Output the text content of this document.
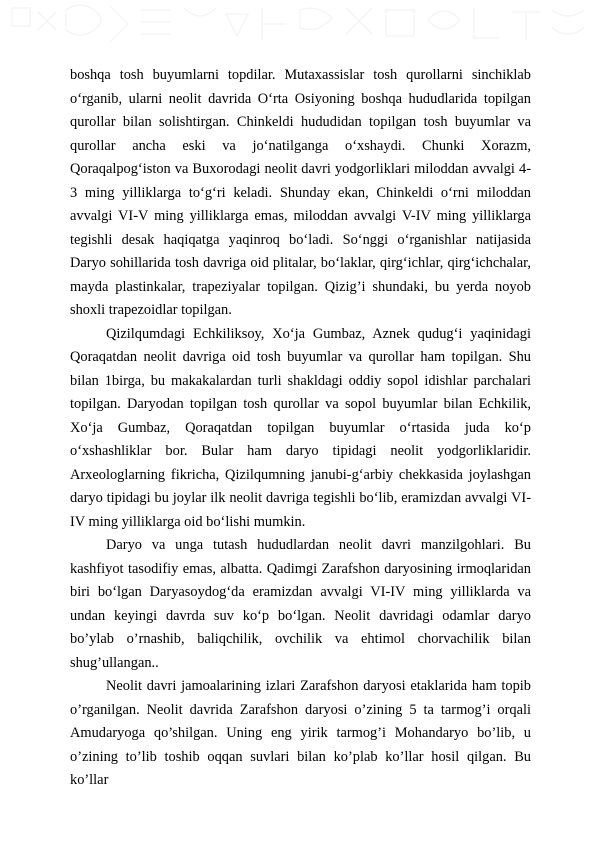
boshqa tosh buyumlarni topdilar. Mutaxassislar tosh qurollarni sinchiklab o‘rganib, ularni neolit davrida O‘rta Osiyoning boshqa hududlarida topilgan qurollar bilan solishtirgan. Chinkeldi hududidan topilgan tosh buyumlar va qurollar ancha eski va jo‘natilganga o‘xshaydi. Chunki Xorazm, Qoraqalpog‘iston va Buxorodagi neolit davri yodgorliklari miloddan avvalgi 4-3 ming yilliklarga to‘g‘ri keladi. Shunday ekan, Chinkeldi o‘rni miloddan avvalgi VI-V ming yilliklarga emas, miloddan avvalgi V-IV ming yilliklarga tegishli desak haqiqatga yaqinroq bo‘ladi. So‘nggi o‘rganishlar natijasida Daryo sohillarida tosh davriga oid plitalar, bo‘laklar, qirg‘ichlar, qirg‘ichchalar, mayda plastinkalar, trapeziyalar topilgan. Qizig’i shundaki, bu yerda noyob shoxli trapezoidlar topilgan.

Qizilqumdagi Echkiliksoy, Xo‘ja Gumbaz, Aznek qudug‘i yaqinidagi Qoraqatdan neolit davriga oid tosh buyumlar va qurollar ham topilgan. Shu bilan 1birga, bu makakalardan turli shakldagi oddiy sopol idishlar parchalari topilgan. Daryodan topilgan tosh qurollar va sopol buyumlar bilan Echkilik, Xo‘ja Gumbaz, Qoraqatdan topilgan buyumlar o‘rtasida juda ko‘p o‘xshashliklar bor. Bular ham daryo tipidagi neolit yodgorliklaridir. Arxeologlarning fikricha, Qizilqumning janubi-g‘arbiy chekkasida joylashgan daryo tipidagi bu joylar ilk neolit davriga tegishli bo‘lib, eramizdan avvalgi VI-IV ming yilliklarga oid bo‘lishi mumkin.

Daryo va unga tutash hududlardan neolit davri manzilgohlari. Bu kashfiyot tasodifiy emas, albatta. Qadimgi Zarafshon daryosining irmoqlaridan biri bo‘lgan Daryasoydog‘da eramizdan avvalgi VI-IV ming yilliklarda va undan keyingi davrda suv ko‘p bo‘lgan. Neolit davridagi odamlar daryo bo’ylab o’rnashib, baliqchilik, ovchilik va ehtimol chorvachilik bilan shug’ullangan..

Neolit davri jamoalarining izlari Zarafshon daryosi etaklarida ham topib o’rganilgan. Neolit davrida Zarafshon daryosi o’zining 5 ta tarmog’i orqali Amudaryoga qo’shilgan. Uning eng yirik tarmog’i Mohandaryo bo’lib, u o’zining to’lib toshib oqqan suvlari bilan ko’plab ko’llar hosil qilgan. Bu ko’llar
